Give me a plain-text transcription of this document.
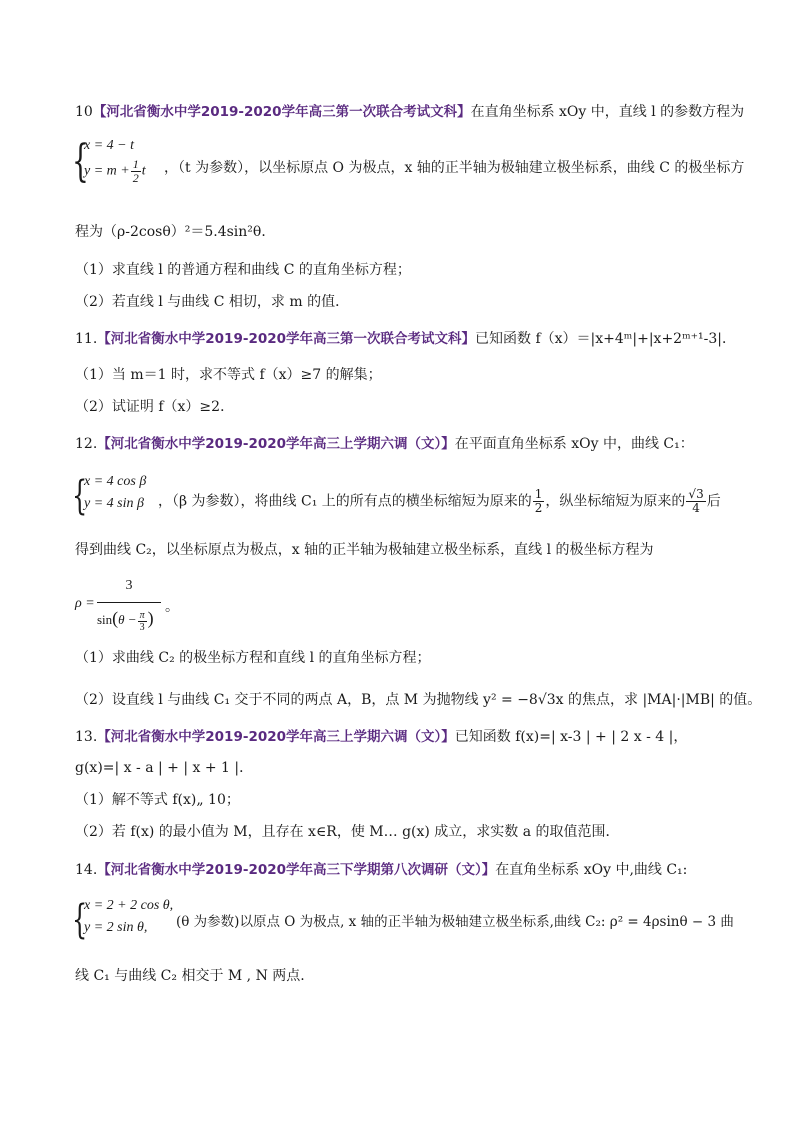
10【河北省衡水中学2019-2020学年高三第一次联合考试文科】在直角坐标系 xOy 中，直线 l 的参数方程为
{
x = 4 − t
$y = m + \frac{1}{2}$ t ，（t 为参数），以坐标原点 O 为极点，x 轴的正半轴为极轴建立极坐标系，曲线 C 的极坐标方
程为（ρ-2cosθ）²＝5.4sin²θ．
（1）求直线 l 的普通方程和曲线 C 的直角坐标方程；
（2）若直线 l 与曲线 C 相切，求 m 的值．
11.【河北省衡水中学2019-2020学年高三第一次联合考试文科】已知函数 f（x）＝|x+4ᵐ|+|x+2ᵐ⁺¹-3|．
（1）当 m＝1 时，求不等式 f（x）≥7 的解集；
（2）试证明 f（x）≥2．
12.【河北省衡水中学2019-2020学年高三上学期六调（文）】在平面直角坐标系 xOy 中，曲线 C₁：
{
x = 4 cos β
y = 4 sin β ，（β 为参数），将曲线 C₁ 上的所有点的横坐标缩短为原来的 $\frac{1}{2}$ ，纵坐标缩短为原来的 $\frac{√3}{4}$ 后
得到曲线 C₂，以坐标原点为极点，x 轴的正半轴为极轴建立极坐标系，直线 l 的极坐标方程为
ρ =
3
$\sin(\theta - \frac{\pi}{3}$ )
。
（1）求曲线 C₂ 的极坐标方程和直线 l 的直角坐标方程；
（2）设直线 l 与曲线 C₁ 交于不同的两点 A，B，点 M 为抛物线 y² = −8√3x 的焦点，求 |MA|·|MB| 的值。
13.【河北省衡水中学2019-2020学年高三上学期六调（文）】已知函数 f(x)=| x-3 | + | 2 x - 4 |，
g(x)=| x - a | + | x + 1 |．
（1）解不等式 f(x)„ 10；
（2）若 f(x) 的最小值为 M，且存在 x∈R，使 M… g(x) 成立，求实数 a 的取值范围．
14.【河北省衡水中学2019-2020学年高三下学期第八次调研（文）】在直角坐标系 xOy 中,曲线 C₁:
{
x = 2 + 2 cos θ,
y = 2 sin θ, (θ 为参数)以原点 O 为极点, x 轴的正半轴为极轴建立极坐标系,曲线 C₂: ρ² = 4ρsinθ − 3 曲
线 C₁ 与曲线 C₂ 相交于 M , N 两点.
